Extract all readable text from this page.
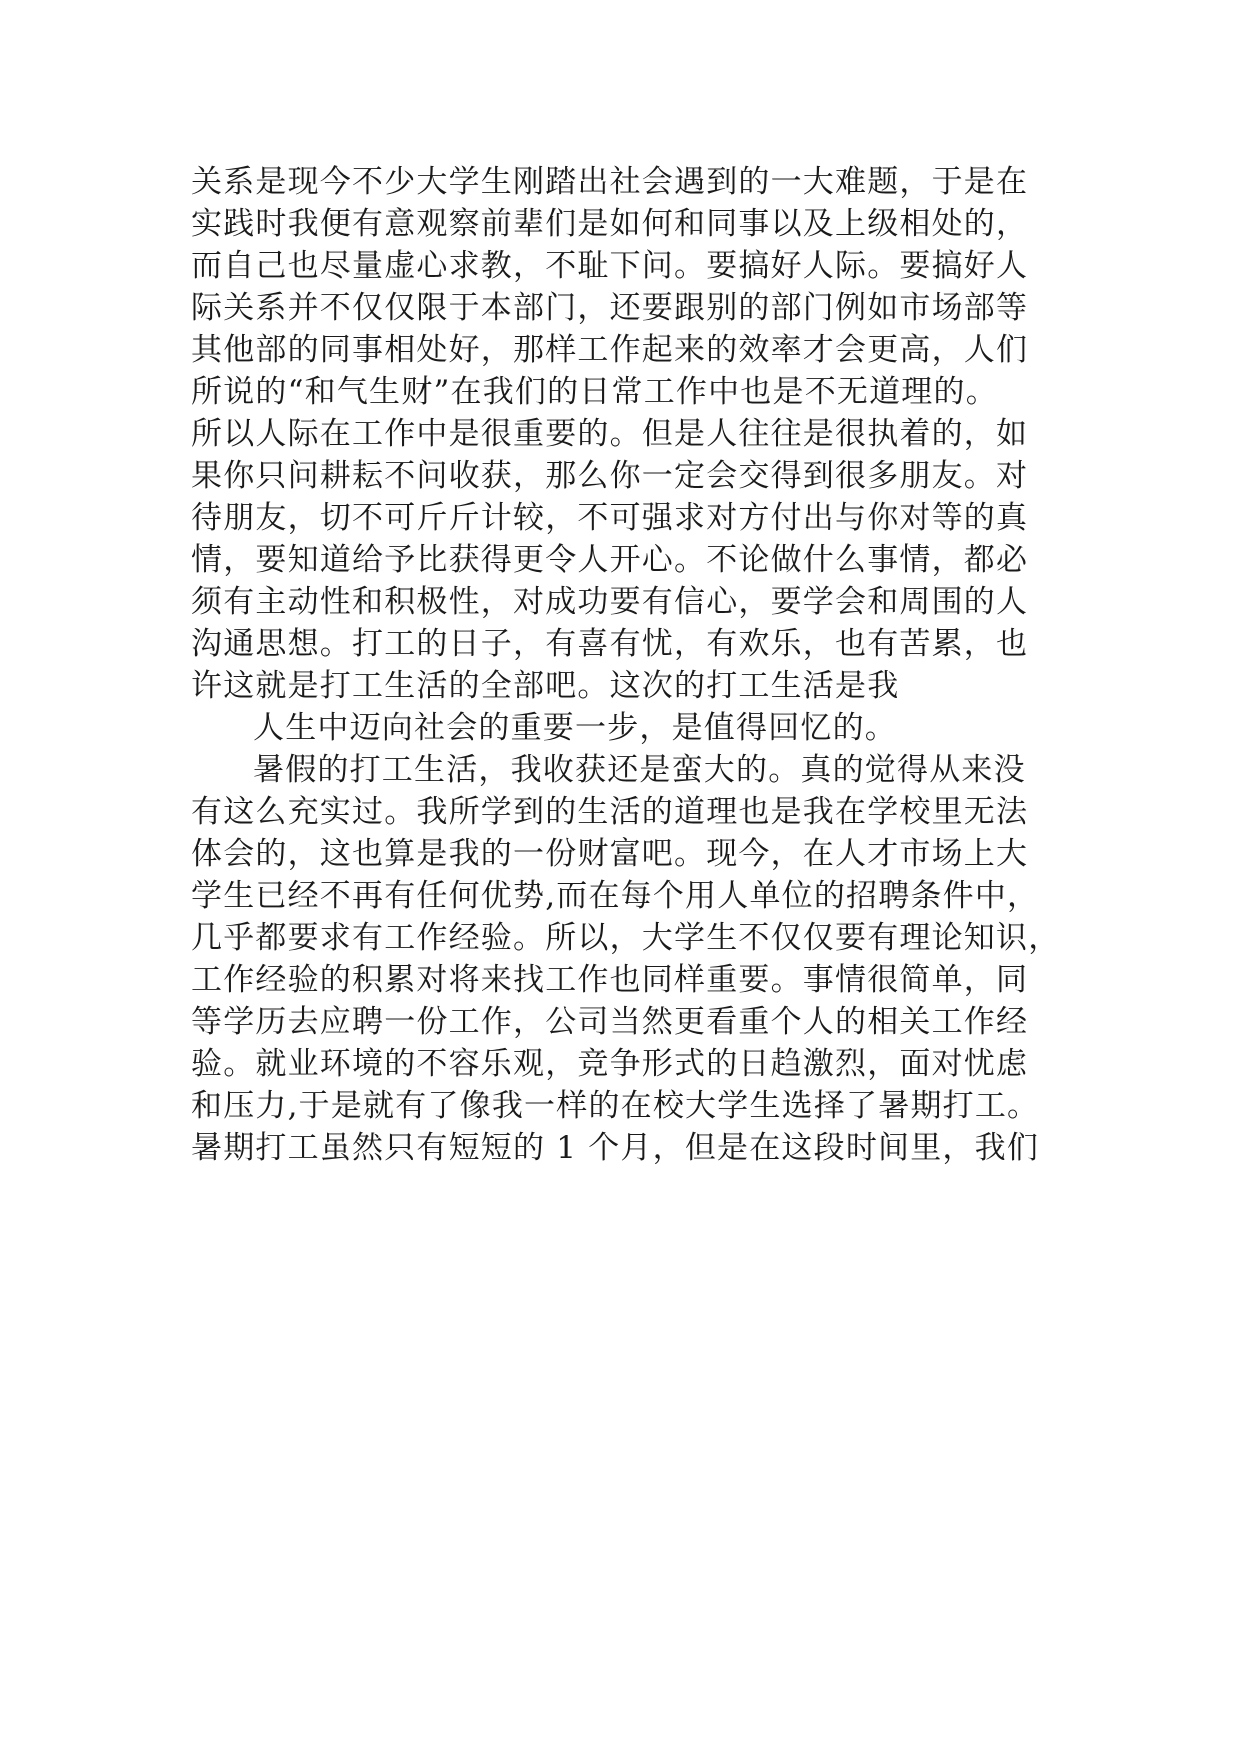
关系是现今不少大学生刚踏出社会遇到的一大难题，于是在
实践时我便有意观察前辈们是如何和同事以及上级相处的，
而自己也尽量虚心求教，不耻下问。要搞好人际。要搞好人
际关系并不仅仅限于本部门，还要跟别的部门例如市场部等
其他部的同事相处好，那样工作起来的效率才会更高，人们
所说的“和气生财”在我们的日常工作中也是不无道理的。
所以人际在工作中是很重要的。但是人往往是很执着的，如
果你只问耕耘不问收获，那么你一定会交得到很多朋友。对
待朋友，切不可斤斤计较，不可强求对方付出与你对等的真
情，要知道给予比获得更令人开心。不论做什么事情，都必
须有主动性和积极性，对成功要有信心，要学会和周围的人
沟通思想。打工的日子，有喜有忧，有欢乐，也有苦累，也
许这就是打工生活的全部吧。这次的打工生活是我
人生中迈向社会的重要一步，是值得回忆的。
暑假的打工生活，我收获还是蛮大的。真的觉得从来没
有这么充实过。我所学到的生活的道理也是我在学校里无法
体会的，这也算是我的一份财富吧。现今，在人才市场上大
学生已经不再有任何优势,而在每个用人单位的招聘条件中，
几乎都要求有工作经验。所以，大学生不仅仅要有理论知识，
工作经验的积累对将来找工作也同样重要。事情很简单，同
等学历去应聘一份工作，公司当然更看重个人的相关工作经
验。就业环境的不容乐观，竞争形式的日趋激烈，面对忧虑
和压力,于是就有了像我一样的在校大学生选择了暑期打工。
暑期打工虽然只有短短的 1 个月，但是在这段时间里，我们
